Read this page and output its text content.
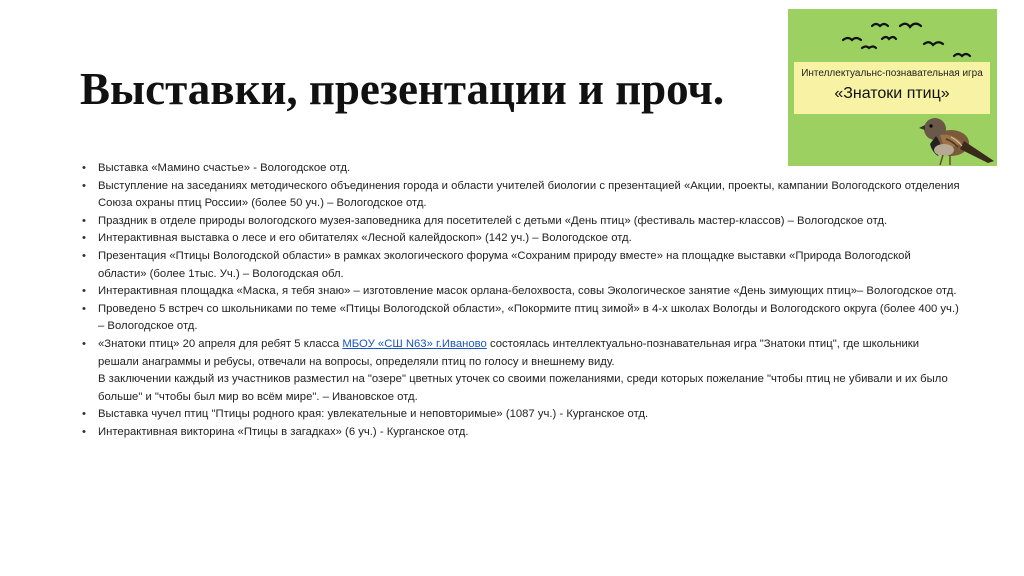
Выставки, презентации и проч.	Интеллектуальнс-познавательная игра
«Знатоки птиц»
• Выставка «Мамино счастье» - Вологодское отд.
• Выступление на заседаниях методического объединения города и области учителей биологии с презентацией «Акции, проекты, кампании Вологодского отделения Союза охраны птиц России» (более 50 уч.) – Вологодское отд.
• Праздник в отделе природы вологодского музея-заповедника для посетителей с детьми «День птиц» (фестиваль мастер-классов) – Вологодское отд.
• Интерактивная выставка о лесе и его обитателях «Лесной калейдоскоп» (142 уч.) – Вологодское отд.
• Презентация «Птицы Вологодской области» в рамках экологического форума «Сохраним природу вместе» на площадке выставки «Природа Вологодской области» (более 1тыс. Уч.) – Вологодская обл.
• Интерактивная площадка «Маска, я тебя знаю» – изготовление масок орлана-белохвоста, совы Экологическое занятие «День зимующих птиц»– Вологодское отд.
• Проведено 5 встреч со школьниками по теме «Птицы Вологодской области», «Покормите птиц зимой» в 4-х школах Вологды и Вологодского округа (более 400 уч.) – Вологодское отд.
• «Знатоки птиц» 20 апреля для ребят 5 класса МБОУ «СШ N63» г.Иваново состоялась интеллектуально-познавательная игра "Знатоки птиц", где школьники решали анаграммы и ребусы, отвечали на вопросы, определяли птиц по голосу и внешнему виду.
В заключении каждый из участников разместил на "озере" цветных уточек со своими пожеланиями, среди которых пожелание "чтобы птиц не убивали и их было больше" и "чтобы был мир во всём мире". – Ивановское отд.
• Выставка чучел птиц "Птицы родного края: увлекательные и неповторимые» (1087 уч.) - Курганское отд.
• Интерактивная викторина «Птицы в загадках» (6 уч.) - Курганское отд.
